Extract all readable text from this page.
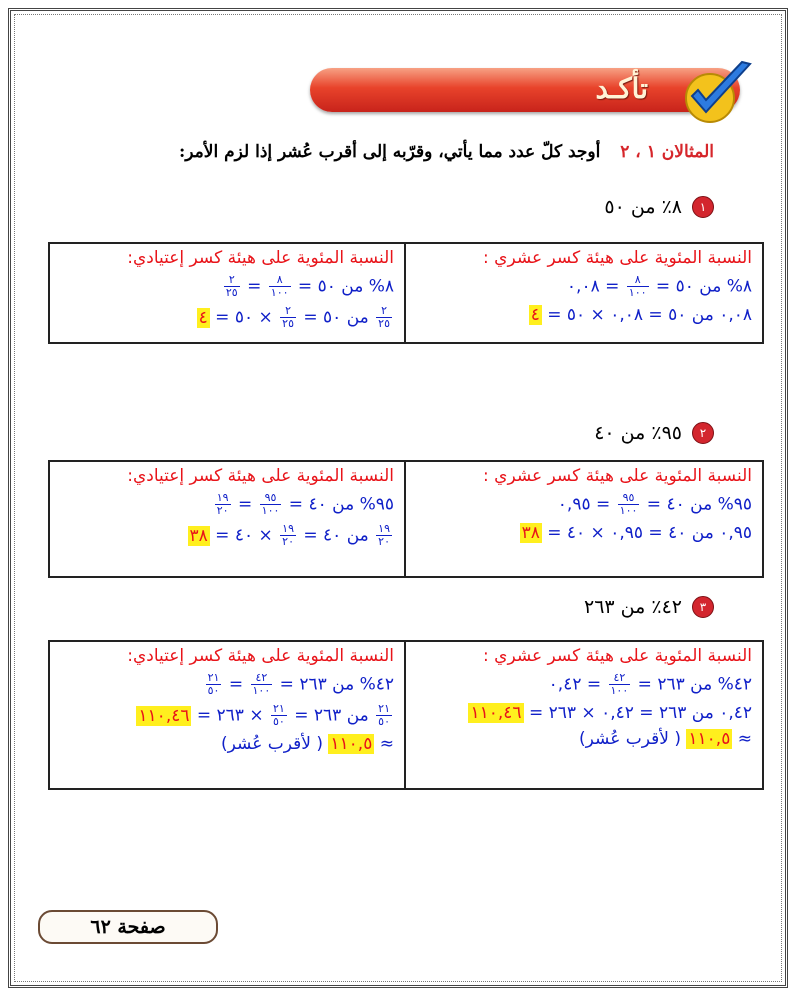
تأكـد
المثالان ١ ، ٢ أوجد كلّ عدد مما يأتي، وقرّبه إلى أقرب عُشر إذا لزم الأمر:
١
٨٪ من ٥٠
النسبة المئوية على هيئة كسر عشري :
٨% من ٥٠ =
$\frac{٨}{١٠٠}$
= ٠,٠٨
٠,٠٨ من ٥٠ = ٠,٠٨ × ٥٠ = ٤
النسبة المئوية على هيئة كسر إعتيادي:
٨% من ٥٠ =
$\frac{٨}{١٠٠}$
=
$\frac{٢}{٢٥}$
$\frac{٢}{٢٥}$
من ٥٠ =
$\frac{٢}{٢٥}$
× ٥٠ = ٤
٢
٩٥٪ من ٤٠
النسبة المئوية على هيئة كسر عشري :
٩٥% من ٤٠ =
$\frac{٩٥}{١٠٠}$
= ٠,٩٥
٠,٩٥ من ٤٠ = ٠,٩٥ × ٤٠ = ٣٨
النسبة المئوية على هيئة كسر إعتيادي:
٩٥% من ٤٠ =
$\frac{٩٥}{١٠٠}$
=
$\frac{١٩}{٢٠}$
$\frac{١٩}{٢٠}$
من ٤٠ =
$\frac{١٩}{٢٠}$
× ٤٠ = ٣٨
٣
٤٢٪ من ٢٦٣
النسبة المئوية على هيئة كسر عشري :
٤٢% من ٢٦٣ =
$\frac{٤٢}{١٠٠}$
= ٠,٤٢
٠,٤٢ من ٢٦٣ = ٠,٤٢ × ٢٦٣ = ١١٠,٤٦
≈ ١١٠,٥ ( لأقرب عُشر)
النسبة المئوية على هيئة كسر إعتيادي:
٤٢% من ٢٦٣ =
$\frac{٤٢}{١٠٠}$
=
$\frac{٢١}{٥٠}$
$\frac{٢١}{٥٠}$
من ٢٦٣ =
$\frac{٢١}{٥٠}$
× ٢٦٣ = ١١٠,٤٦
≈ ١١٠,٥ ( لأقرب عُشر)
صفحة ٦٢
